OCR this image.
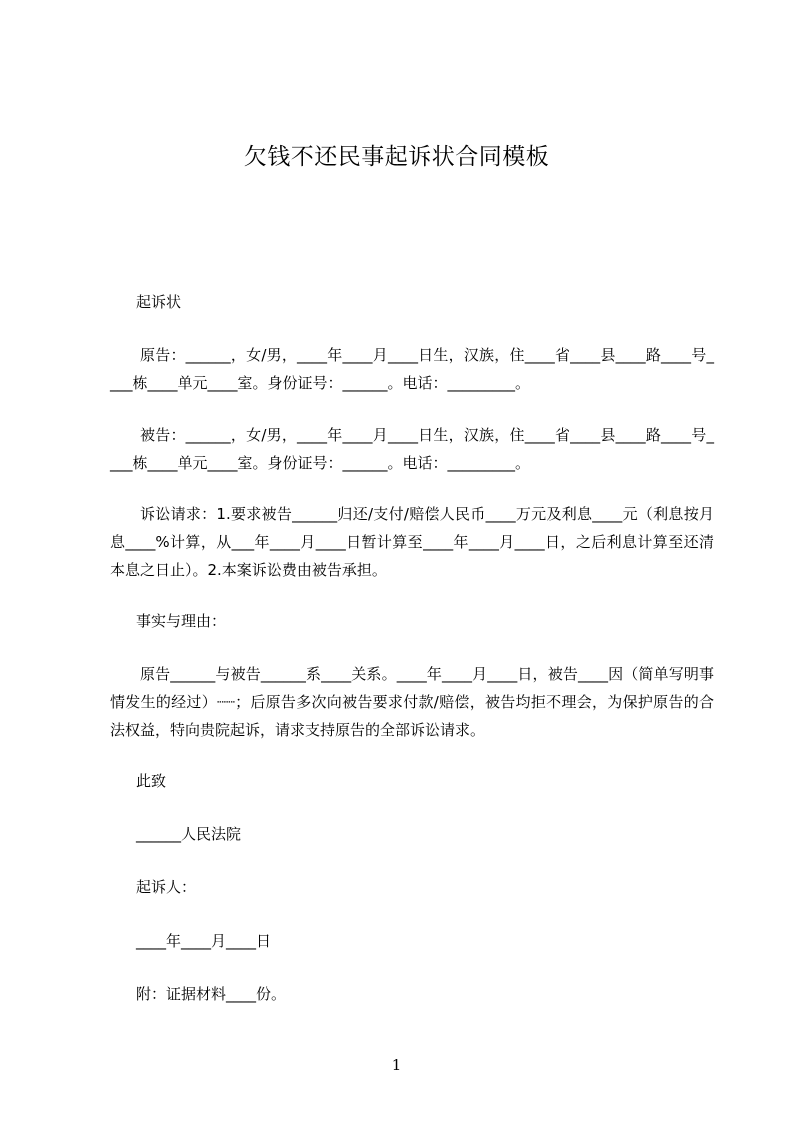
欠钱不还民事起诉状合同模板
起诉状
原告：______，女/男，____年____月____日生，汉族，住____省____县____路____号____栋____单元____室。身份证号：______。电话：_________。
被告：______，女/男，____年____月____日生，汉族，住____省____县____路____号____栋____单元____室。身份证号：______。电话：_________。
诉讼请求：1.要求被告______归还/支付/赔偿人民币____万元及利息____元（利息按月息____%计算，从___年____月____日暂计算至____年____月____日，之后利息计算至还清本息之日止）。2.本案诉讼费由被告承担。
事实与理由：
原告______与被告______系____关系。____年____月____日，被告____因（简单写明事情发生的经过）┈┈；后原告多次向被告要求付款/赔偿，被告均拒不理会，为保护原告的合法权益，特向贵院起诉，请求支持原告的全部诉讼请求。
此致
______人民法院
起诉人：
____年____月____日
附：证据材料____份。
1
